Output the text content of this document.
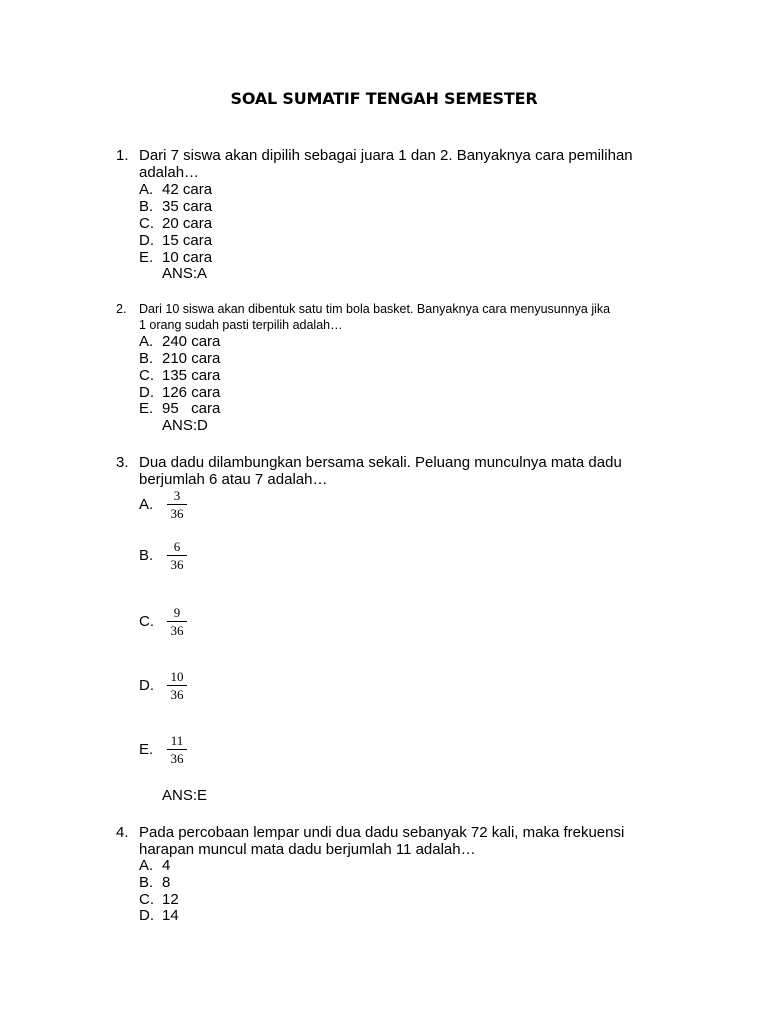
SOAL SUMATIF TENGAH SEMESTER
1. Dari 7 siswa akan dipilih sebagai juara 1 dan 2. Banyaknya cara pemilihan
adalah…
A. 42 cara
B. 35 cara
C. 20 cara
D. 15 cara
E. 10 cara
ANS:A
2. Dari 10 siswa akan dibentuk satu tim bola basket. Banyaknya cara menyusunnya jika
1 orang sudah pasti terpilih adalah…
A. 240 cara
B. 210 cara
C. 135 cara
D. 126 cara
E. 95   cara
ANS:D
3. Dua dadu dilambungkan bersama sekali. Peluang munculnya mata dadu
berjumlah 6 atau 7 adalah…
A. $\frac{3}{36}$
B. $\frac{6}{36}$
C. $\frac{9}{36}$
D. $\frac{10}{36}$
E. $\frac{11}{36}$
ANS:E
4. Pada percobaan lempar undi dua dadu sebanyak 72 kali, maka frekuensi
harapan muncul mata dadu berjumlah 11 adalah…
A. 4
B. 8
C. 12
D. 14
